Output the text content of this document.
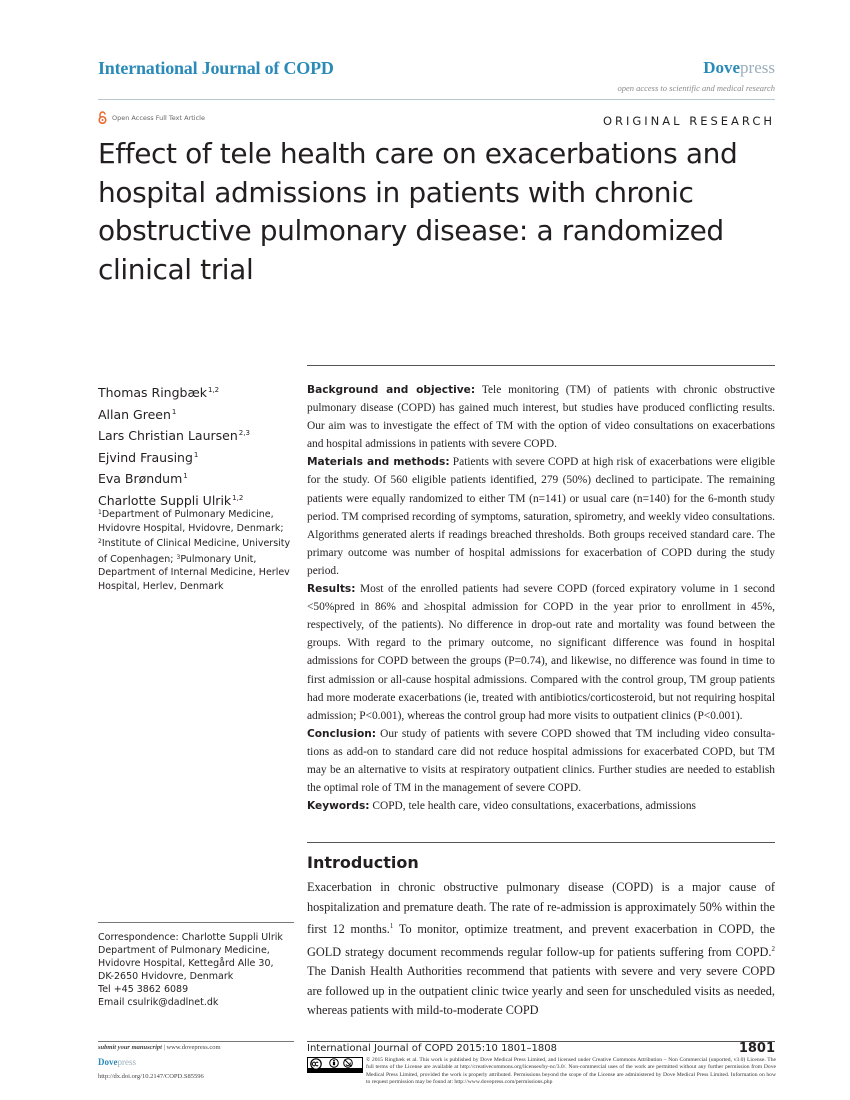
International Journal of COPD	Dovepress
open access to scientific and medical research
Open Access Full Text Article	ORIGINAL RESEARCH
Effect of tele health care on exacerbations and hospital admissions in patients with chronic obstructive pulmonary disease: a randomized clinical trial
Thomas Ringbæk$^{1,2}$
Allan Green$^1$
Lars Christian Laursen$^{2,3}$
Ejvind Frausing$^1$
Eva Brøndum$^1$
Charlotte Suppli Ulrik$^{1,2}$
$^1$Department of Pulmonary Medicine, Hvidovre Hospital, Hvidovre, Denmark; $^2$Institute of Clinical Medicine, University of Copenhagen; $^3$Pulmonary Unit, Department of Internal Medicine, Herlev Hospital, Herlev, Denmark
Correspondence: Charlotte Suppli Ulrik
Department of Pulmonary Medicine,
Hvidovre Hospital, Kettegård Alle 30,
DK-2650 Hvidovre, Denmark
Tel +45 3862 6089
Email csulrik@dadlnet.dk

Background and objective: Tele monitoring (TM) of patients with chronic obstructive pulmonary disease (COPD) has gained much interest, but studies have produced conflicting results. Our aim was to investigate the effect of TM with the option of video consultations on exacerbations and hospital admissions in patients with severe COPD.

Materials and methods: Patients with severe COPD at high risk of exacerbations were eligible for the study. Of 560 eligible patients identified, 279 (50%) declined to participate. The remaining patients were equally randomized to either TM (n=141) or usual care (n=140) for the 6-month study period. TM comprised recording of symptoms, saturation, spirometry, and weekly video consultations. Algorithms generated alerts if readings breached thresholds. Both groups received standard care. The primary outcome was number of hospital admissions for exacerbation of COPD during the study period.

Results: Most of the enrolled patients had severe COPD (forced expiratory volume in 1 second <50%pred in 86% and ≥hospital admission for COPD in the year prior to enrollment in 45%, respectively, of the patients). No difference in drop-out rate and mortality was found between the groups. With regard to the primary outcome, no significant difference was found in hospital admissions for COPD between the groups (P=0.74), and likewise, no difference was found in time to first admission or all-cause hospital admissions. Compared with the control group, TM group patients had more moderate exacerbations (ie, treated with antibiotics/corticosteroid, but not requiring hospital admission; P<0.001), whereas the control group had more visits to outpatient clinics (P<0.001).

Conclusion: Our study of patients with severe COPD showed that TM including video consulta-tions as add-on to standard care did not reduce hospital admissions for exacerbated COPD, but TM may be an alternative to visits at respiratory outpatient clinics. Further studies are needed to establish the optimal role of TM in the management of severe COPD.

Keywords: COPD, tele health care, video consultations, exacerbations, admissions

Introduction

Exacerbation in chronic obstructive pulmonary disease (COPD) is a major cause of hospitalization and premature death. The rate of re-admission is approximately 50% within the first 12 months.$^1$ To monitor, optimize treatment, and prevent exacerbation in COPD, the GOLD strategy document recommends regular follow-up for patients suffering from COPD.$^2$ The Danish Health Authorities recommend that patients with severe and very severe COPD are followed up in the outpatient clinic twice yearly and seen for unscheduled visits as needed, whereas patients with mild-to-moderate COPD

submit your manuscript | www.dovepress.com
Dovepress
http://dx.doi.org/10.2147/COPD.S85596
International Journal of COPD 2015:10 1801–1808	1801
© 2015 Ringbæk et al. This work is published by Dove Medical Press Limited, and licensed under Creative Commons Attribution – Non Commercial (unported, v3.0) License. The full terms of the License are available at http://creativecommons.org/licenses/by-nc/3.0/. Non-commercial uses of the work are permitted without any further permission from Dove Medical Press Limited, provided the work is properly attributed. Permissions beyond the scope of the License are administered by Dove Medical Press Limited. Information on how to request permission may be found at: http://www.dovepress.com/permissions.php
